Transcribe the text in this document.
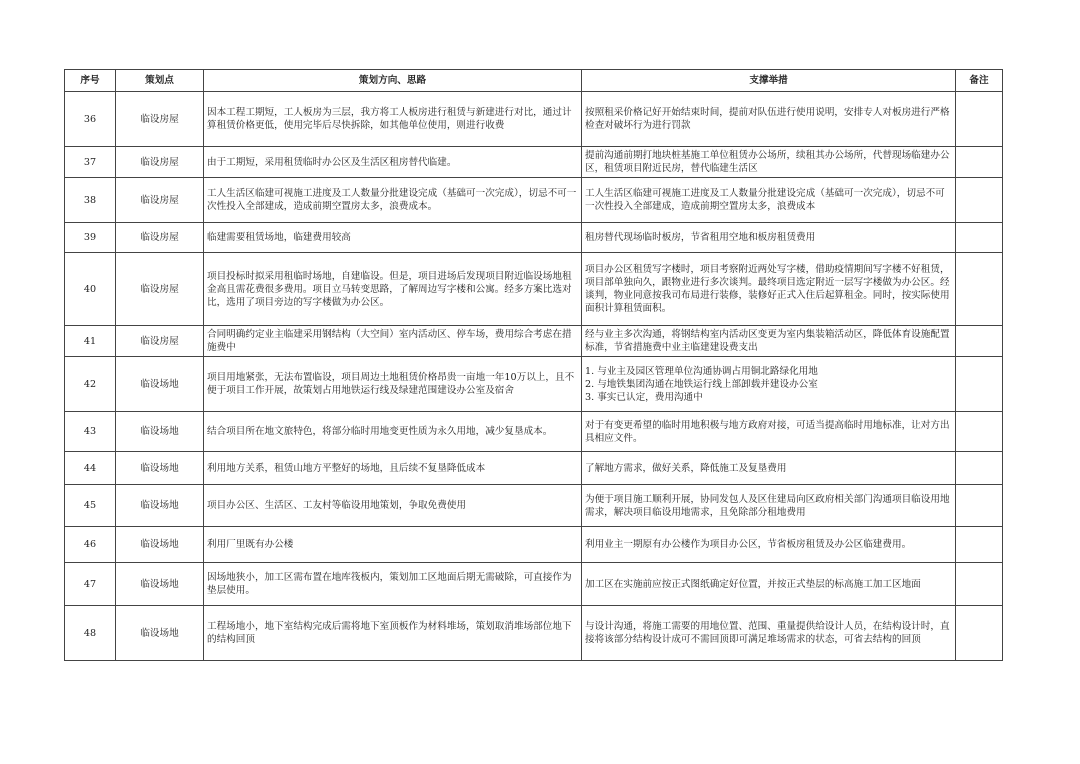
序号	策划点	策划方向、思路	支撑举措	备注
36	临设房屋	因本工程工期短，工人板房为三层，我方将工人板房进行租赁与新建进行对比，通过计算租赁价格更低，使用完毕后尽快拆除，如其他单位使用，则进行收费	按照租采价格记好开始结束时间，提前对队伍进行使用说明，安排专人对板房进行严格检查对破坏行为进行罚款	
37	临设房屋	由于工期短，采用租赁临时办公区及生活区租房替代临建。	提前沟通前期打地块桩基施工单位租赁办公场所，续租其办公场所，代替现场临建办公区，租赁项目附近民房，替代临建生活区	
38	临设房屋	工人生活区临建可视施工进度及工人数量分批建设完成（基础可一次完成），切忌不可一次性投入全部建成，造成前期空置房太多，浪费成本。	工人生活区临建可视施工进度及工人数量分批建设完成（基础可一次完成），切忌不可一次性投入全部建成，造成前期空置房太多，浪费成本	
39	临设房屋	临建需要租赁场地，临建费用较高	租房替代现场临时板房，节省租用空地和板房租赁费用	
40	临设房屋	项目投标时拟采用租临时场地，自建临设。但是，项目进场后发现项目附近临设场地租金高且需花费很多费用。项目立马转变思路，了解周边写字楼和公寓。经多方案比选对比，选用了项目旁边的写字楼做为办公区。	项目办公区租赁写字楼时，项目考察附近两处写字楼，借助疫情期间写字楼不好租赁，项目部单独向久，跟物业进行多次谈判。最终项目选定附近一层写字楼做为办公区。经谈判，物业同意按我司布局进行装修，装修好正式入住后起算租金。同时，按实际使用面积计算租赁面积。	
41	临设房屋	合同明确约定业主临建采用钢结构（大空间）室内活动区、停车场，费用综合考虑在措施费中	经与业主多次沟通，将钢结构室内活动区变更为室内集装箱活动区，降低体育设施配置标准，节省措施费中业主临建建设费支出	
42	临设场地	项目用地紧张，无法布置临设，项目周边土地租赁价格昂贵一亩地一年10万以上，且不便于项目工作开展，故策划占用地铁运行线及绿建范围建设办公室及宿舍	1. 与业主及园区管理单位沟通协调占用铜北路绿化用地
2. 与地铁集团沟通在地铁运行线上部卸载并建设办公室
3. 事实已认定，费用沟通中	
43	临设场地	结合项目所在地文旅特色，将部分临时用地变更性质为永久用地，减少复垦成本。	对于有变更希望的临时用地积极与地方政府对接，可适当提高临时用地标准，让对方出具相应文件。	
44	临设场地	利用地方关系，租赁山地方平整好的场地，且后续不复垦降低成本	了解地方需求，做好关系，降低施工及复垦费用	
45	临设场地	项目办公区、生活区、工友村等临设用地策划，争取免费使用	为便于项目施工顺利开展，协同发包人及区住建局向区政府相关部门沟通项目临设用地需求，解决项目临设用地需求，且免除部分租地费用	
46	临设场地	利用厂里既有办公楼	利用业主一期原有办公楼作为项目办公区，节省板房租赁及办公区临建费用。	
47	临设场地	因场地狭小，加工区需布置在地库筏板内，策划加工区地面后期无需破除，可直接作为垫层使用。	加工区在实施前应按正式图纸确定好位置，并按正式垫层的标高施工加工区地面	
48	临设场地	工程场地小，地下室结构完成后需将地下室顶板作为材料堆场，策划取消堆场部位地下的结构回顶	与设计沟通，将施工需要的用地位置、范围、重量提供给设计人员，在结构设计时，直接将该部分结构设计成可不需回顶即可满足堆场需求的状态，可省去结构的回顶	
